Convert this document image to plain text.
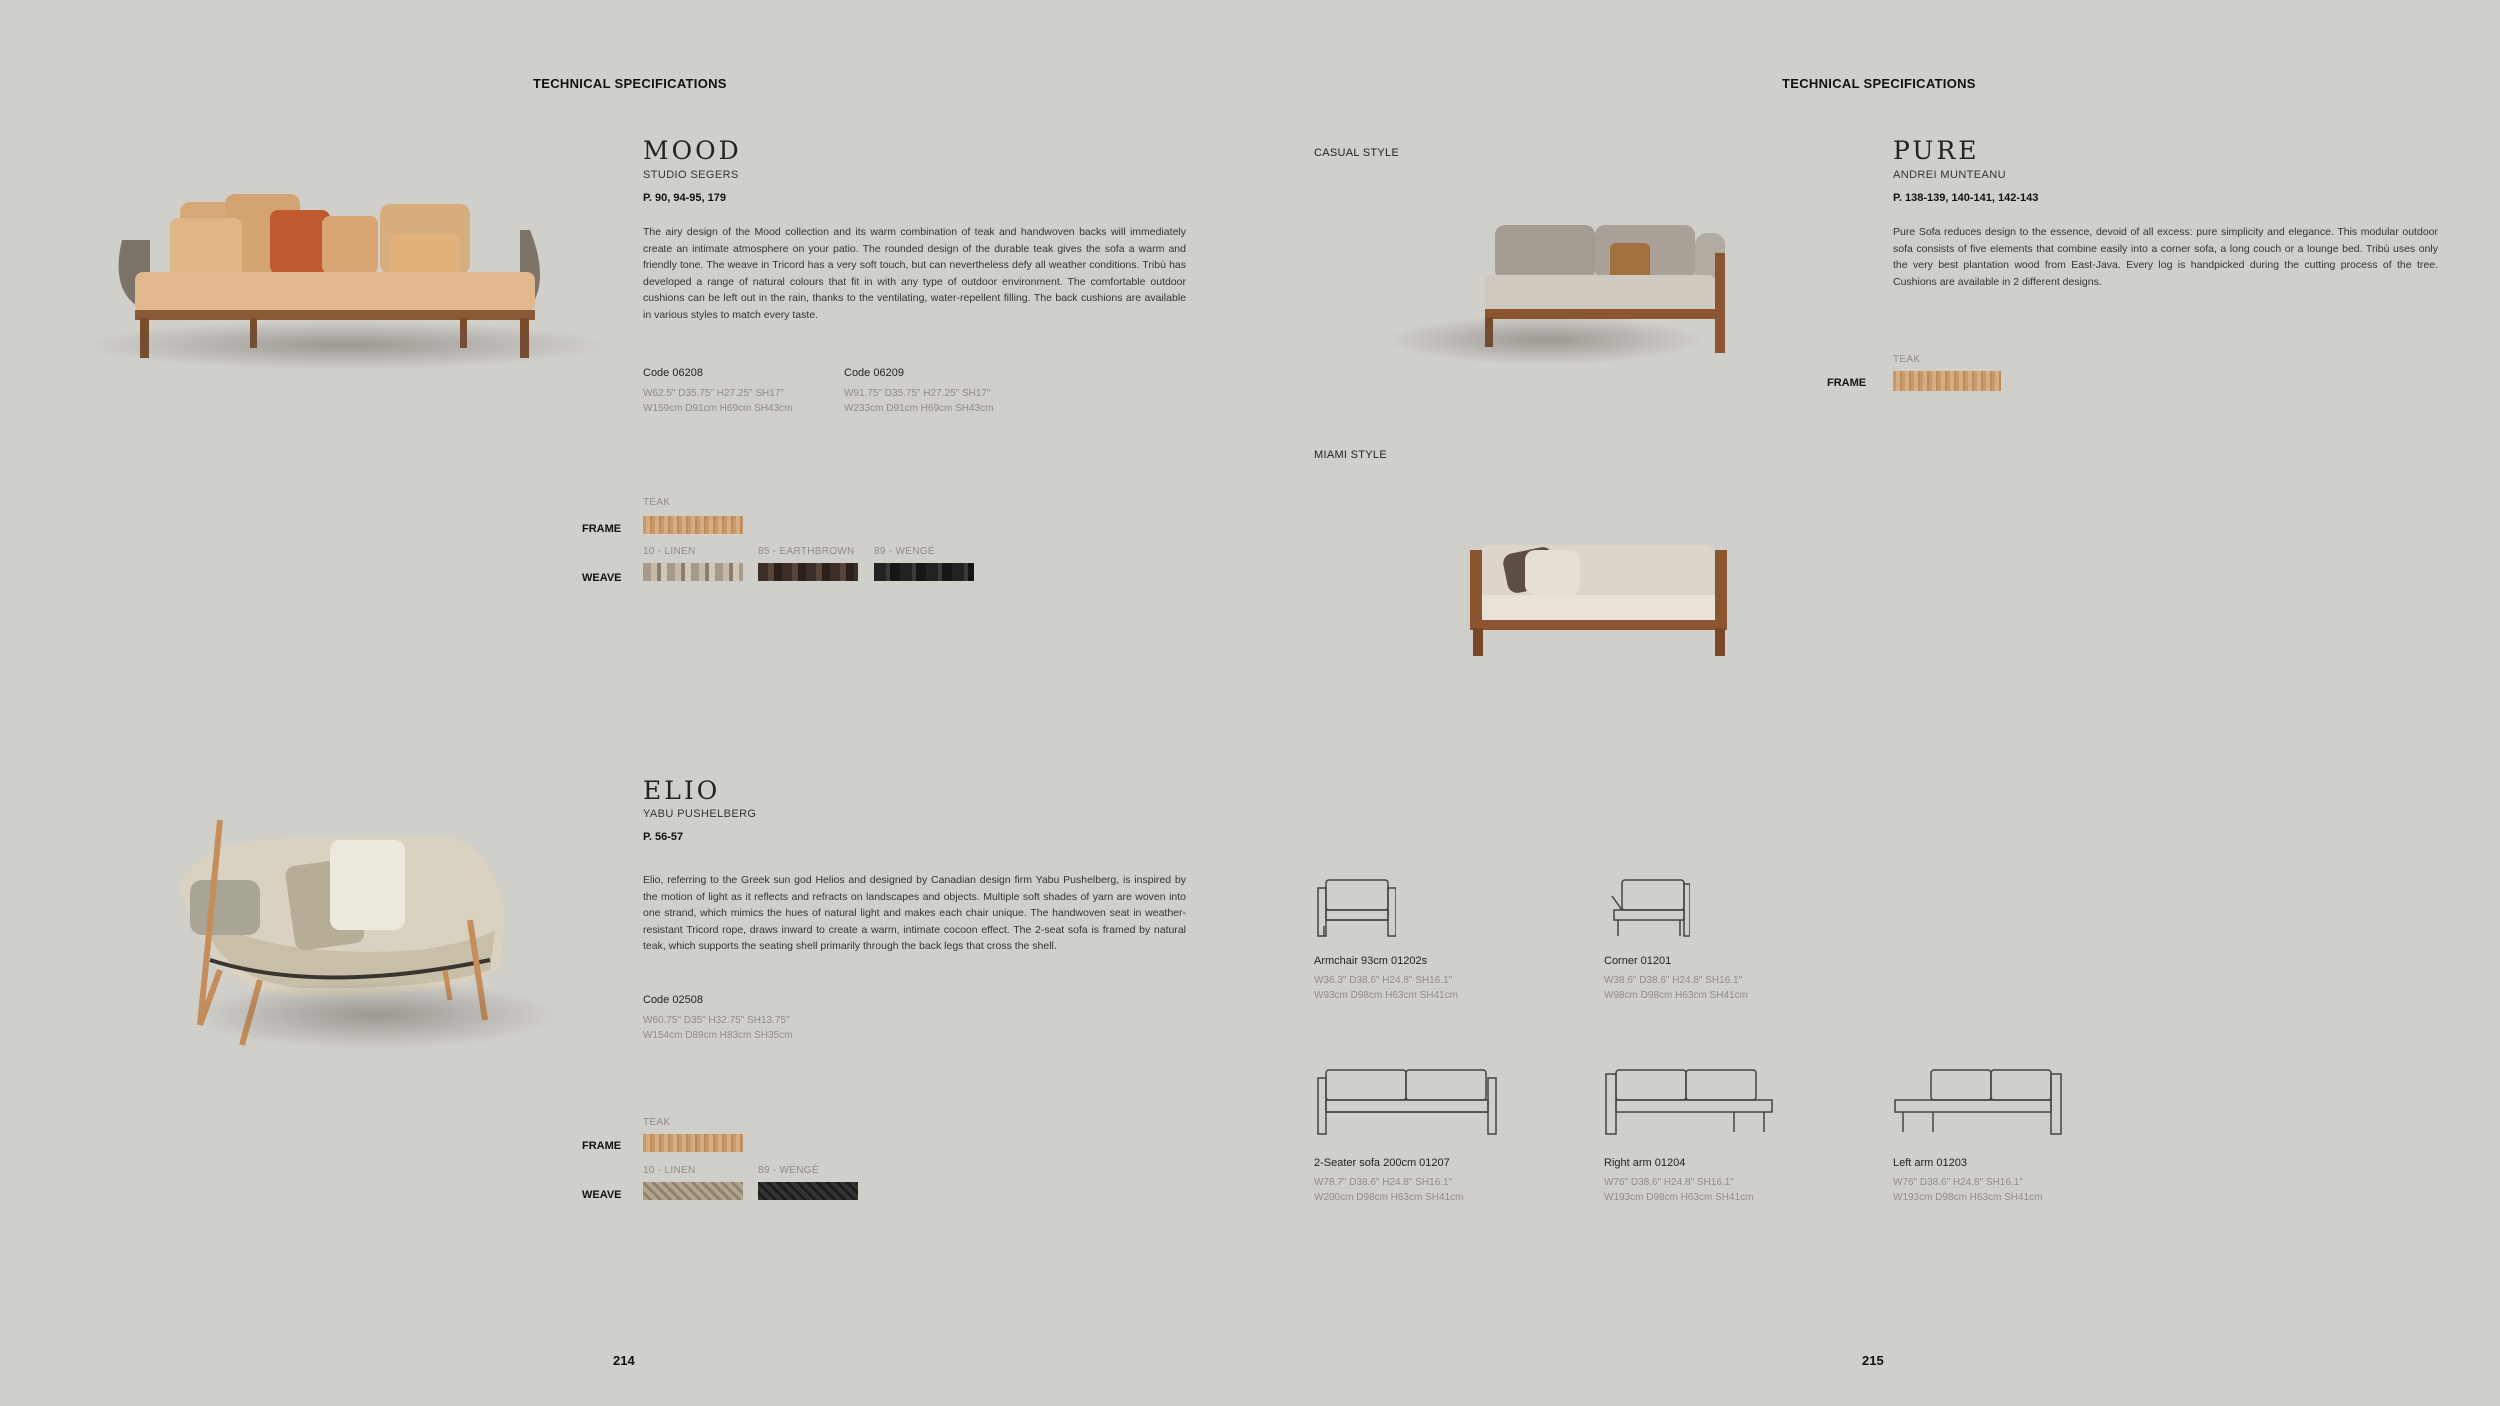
TECHNICAL SPECIFICATIONS
MOOD
STUDIO SEGERS
P. 90, 94-95, 179
The airy design of the Mood collection and its warm combination of teak and handwoven backs will immediately create an intimate atmosphere on your patio. The rounded design of the durable teak gives the sofa a warm and friendly tone. The weave in Tricord has a very soft touch, but can nevertheless defy all weather conditions. Tribù has developed a range of natural colours that fit in with any type of outdoor environment. The comfortable outdoor cushions can be left out in the rain, thanks to the ventilating, water-repellent filling. The back cushions are available in various styles to match every taste.
Code 06208
W62.5" D35.75" H27.25" SH17"
W159cm D91cm H69cm SH43cm
Code 06209
W91.75" D35.75" H27.25" SH17"
W233cm D91cm H69cm SH43cm
TEAK
FRAME
10 - LINEN	85 - EARTHBROWN 89 - WENGÉ
WEAVE
ELIO
YABU PUSHELBERG
P. 56-57
Elio, referring to the Greek sun god Helios and designed by Canadian design firm Yabu Pushelberg, is inspired by the motion of light as it reflects and refracts on landscapes and objects. Multiple soft shades of yarn are woven into one strand, which mimics the hues of natural light and makes each chair unique. The handwoven seat in weather-resistant Tricord rope, draws inward to create a warm, intimate cocoon effect. The 2-seat sofa is framed by natural teak, which supports the seating shell primarily through the back legs that cross the shell.
Code 02508
W60.75" D35" H32.75" SH13.75"
W154cm D89cm H83cm SH35cm
TEAK
FRAME
10 - LINEN	89 - WENGÉ
WEAVE
214
TECHNICAL SPECIFICATIONS
CASUAL STYLE
MIAMI STYLE
PURE
ANDREI MUNTEANU
P. 138-139, 140-141, 142-143
Pure Sofa reduces design to the essence, devoid of all excess: pure simplicity and elegance. This modular outdoor sofa consists of five elements that combine easily into a corner sofa, a long couch or a lounge bed. Tribù uses only the very best plantation wood from East-Java. Every log is handpicked during the cutting process of the tree. Cushions are available in 2 different designs.
TEAK
FRAME
Armchair 93cm 01202s
W36.3" D38.6" H24.8" SH16.1"
W93cm D98cm H63cm SH41cm
Corner 01201
W38.6" D38.6" H24.8" SH16.1"
W98cm D98cm H63cm SH41cm
2-Seater sofa 200cm 01207
W78.7" D38.6" H24.8" SH16.1"
W200cm D98cm H63cm SH41cm
Right arm 01204
W76" D38.6" H24.8" SH16.1"
W193cm D98cm H63cm SH41cm
Left arm 01203
W76" D38.6" H24.8" SH16.1"
W193cm D98cm H63cm SH41cm
215
